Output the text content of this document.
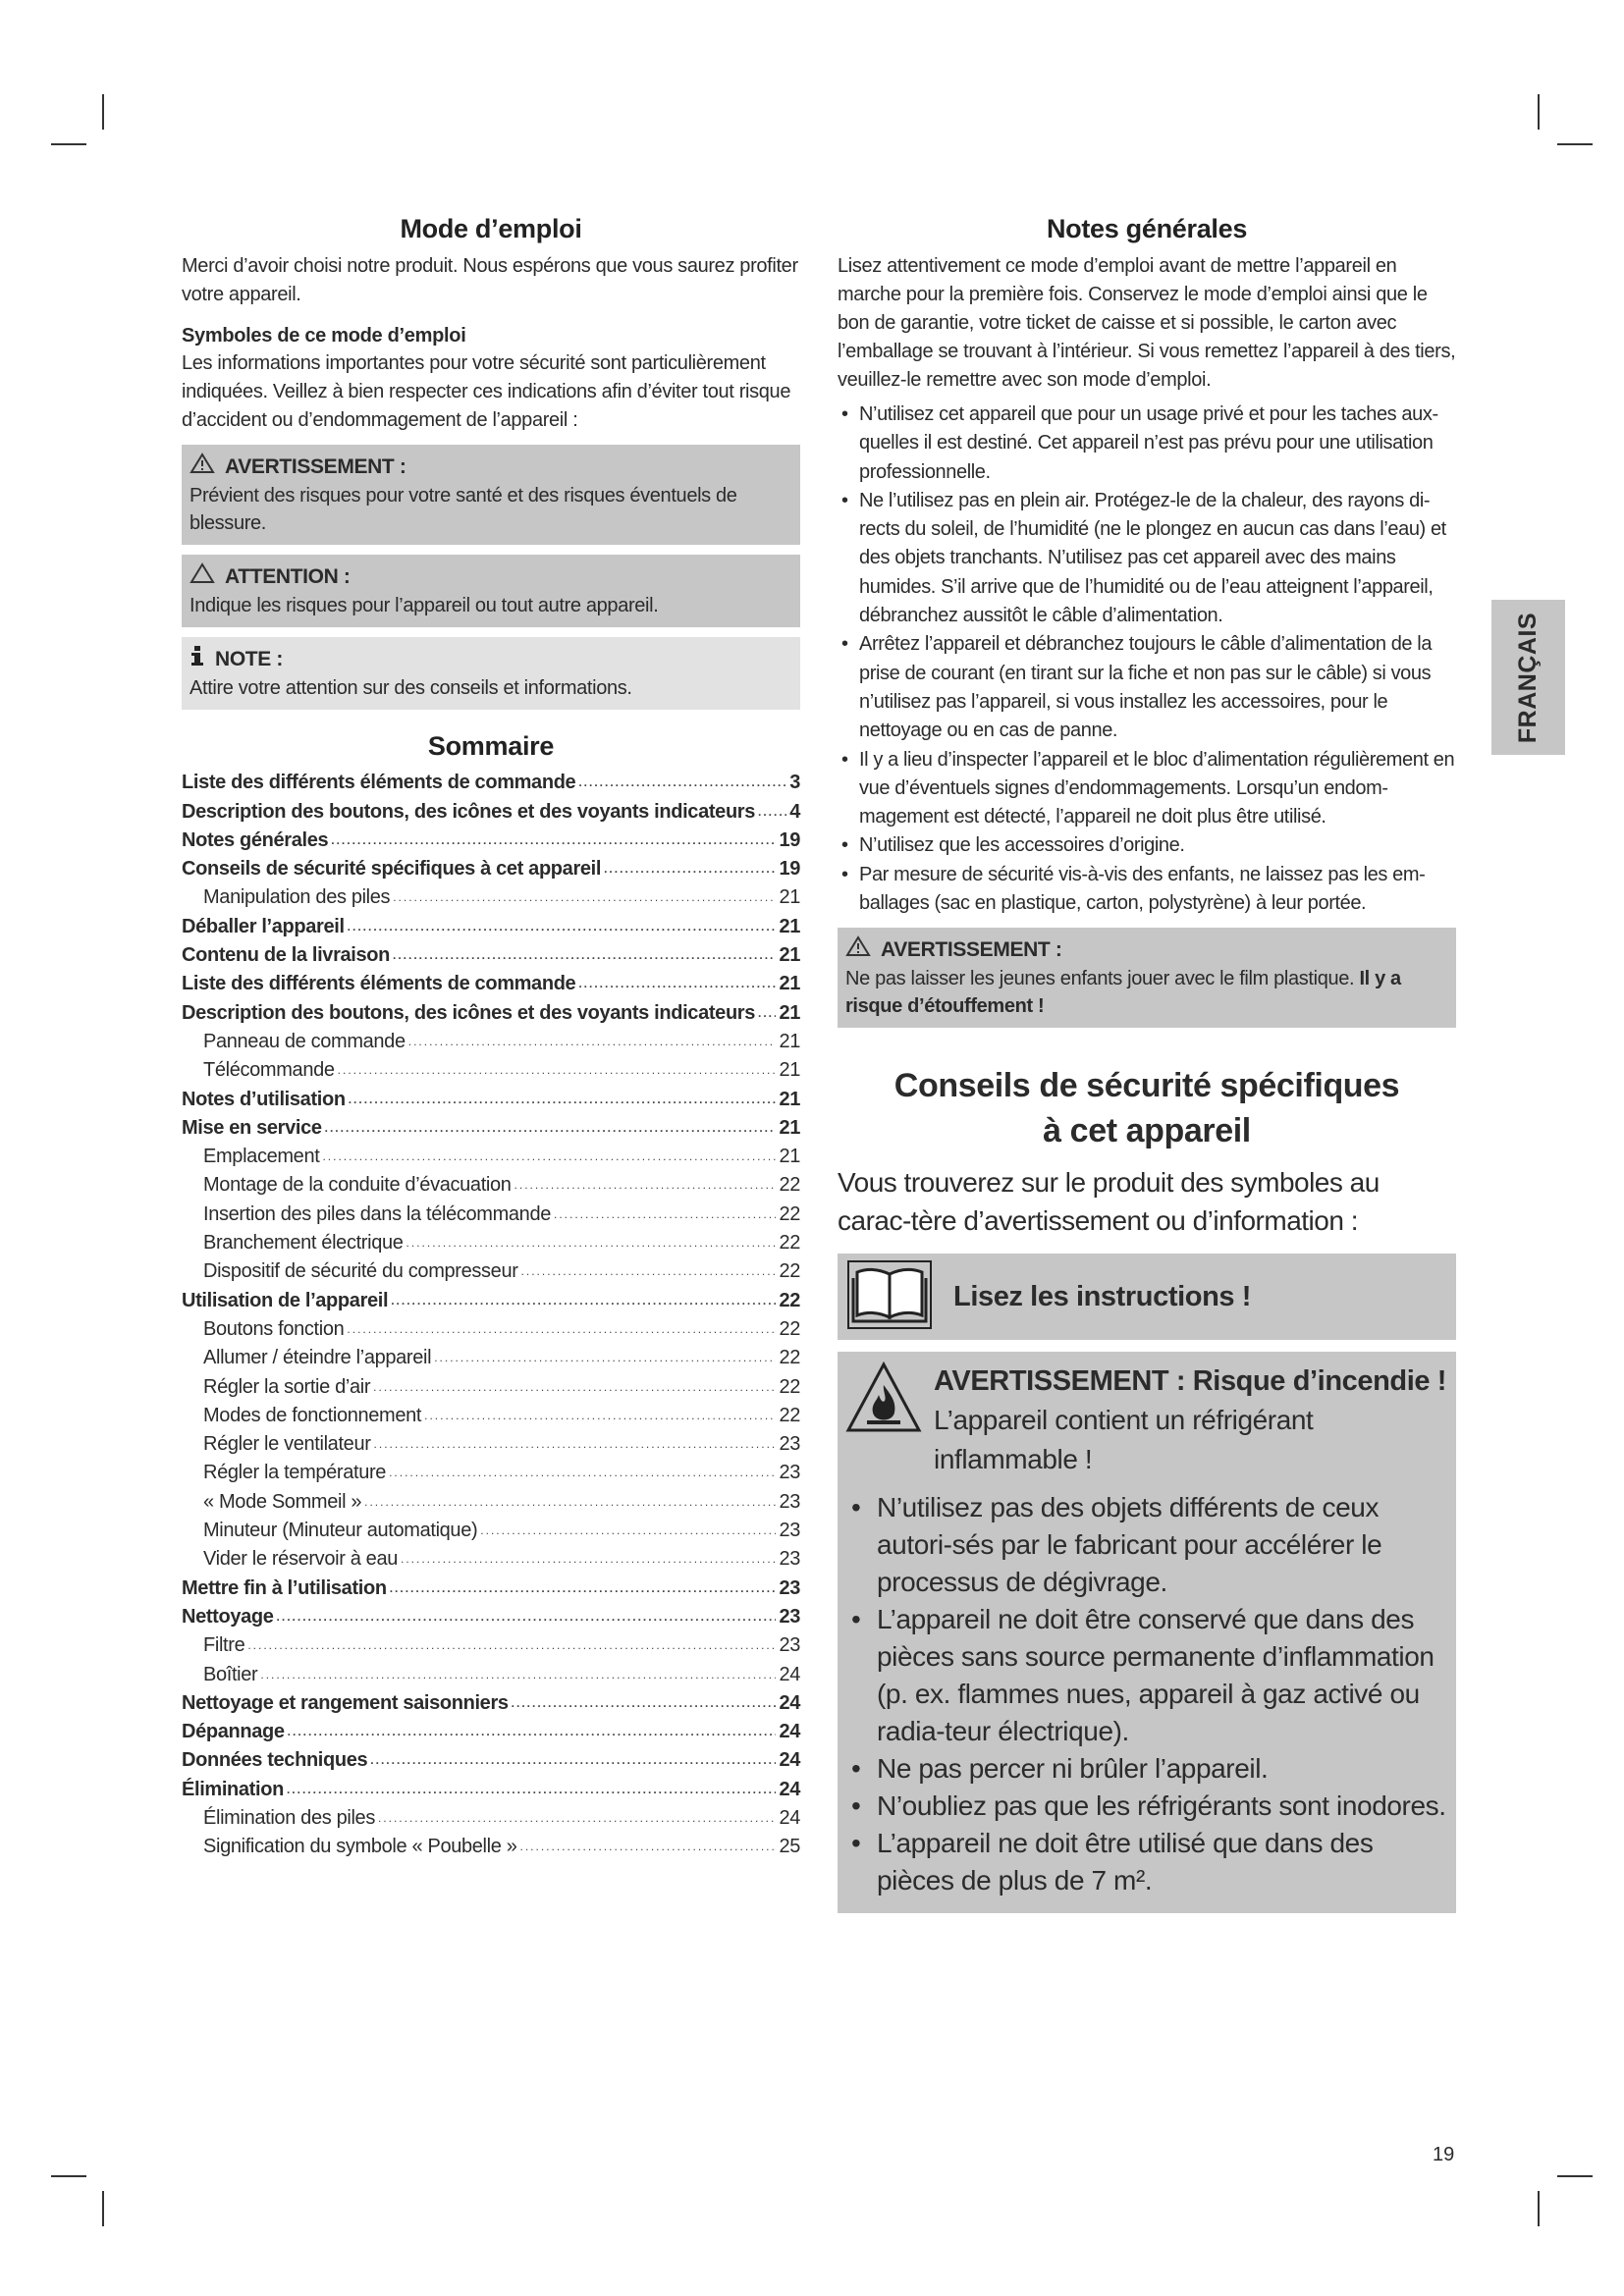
Mode d’emploi

Merci d’avoir choisi notre produit. Nous espérons que vous saurez profiter votre appareil.

Symboles de ce mode d’emploi

Les informations importantes pour votre sécurité sont particulièrement indiquées. Veillez à bien respecter ces indications afin d’éviter tout risque d’accident ou d’endommagement de l’appareil :

AVERTISSEMENT :
Prévient des risques pour votre santé et des risques éventuels de blessure.
ATTENTION :
Indique les risques pour l’appareil ou tout autre appareil.
NOTE :
Attire votre attention sur des conseils et informations.
Sommaire
Liste des différents éléments de commande .....	3
Description des boutons, des icônes et des voyants indicateurs ..... 4
Notes générales .....	19
Conseils de sécurité spécifiques à cet appareil .....	19
Manipulation des piles .....	21
Déballer l’appareil .....	21
Contenu de la livraison .....	21
Liste des différents éléments de commande .....	21
Description des boutons, des icônes et des voyants indicateurs ..... 21
Panneau de commande .....	21
Télécommande .....	21
Notes d’utilisation .....	21
Mise en service .....	21
Emplacement .....	21
Montage de la conduite d’évacuation .....	22
Insertion des piles dans la télécommande .....	22
Branchement électrique .....	22
Dispositif de sécurité du compresseur .....	22
Utilisation de l’appareil .....	22
Boutons fonction .....	22
Allumer / éteindre l’appareil .....	22
Régler la sortie d’air .....	22
Modes de fonctionnement .....	22
Régler le ventilateur .....	23
Régler la température .....	23
« Mode Sommeil » .....	23
Minuteur (Minuteur automatique) .....	23
Vider le réservoir à eau .....	23
Mettre fin à l’utilisation .....	23
Nettoyage .....	23
Filtre .....	23
Boîtier .....	24
Nettoyage et rangement saisonniers .....	24
Dépannage .....	24
Données techniques .....	24
Élimination .....	24
Élimination des piles .....	24
Signification du symbole « Poubelle » .....	25
Notes générales

Lisez attentivement ce mode d’emploi avant de mettre l’appareil en marche pour la première fois. Conservez le mode d’emploi ainsi que le bon de garantie, votre ticket de caisse et si possible, le carton avec l’emballage se trouvant à l’intérieur. Si vous remettez l’appareil à des tiers, veuillez-le remettre avec son mode d’emploi.

• N’utilisez cet appareil que pour un usage privé et pour les taches aux-quelles il est destiné. Cet appareil n’est pas prévu pour une utilisation professionnelle.
• Ne l’utilisez pas en plein air. Protégez-le de la chaleur, des rayons di-rects du soleil, de l’humidité (ne le plongez en aucun cas dans l’eau) et des objets tranchants. N’utilisez pas cet appareil avec des mains humides. S’il arrive que de l’humidité ou de l’eau atteignent l’appareil, débranchez aussitôt le câble d’alimentation.
• Arrêtez l’appareil et débranchez toujours le câble d’alimentation de la prise de courant (en tirant sur la fiche et non pas sur le câble) si vous n’utilisez pas l’appareil, si vous installez les accessoires, pour le nettoyage ou en cas de panne.
• Il y a lieu d’inspecter l’appareil et le bloc d’alimentation régulièrement en vue d’éventuels signes d’endommagements. Lorsqu’un endom-magement est détecté, l’appareil ne doit plus être utilisé.
• N’utilisez que les accessoires d’origine.
• Par mesure de sécurité vis-à-vis des enfants, ne laissez pas les em-ballages (sac en plastique, carton, polystyrène) à leur portée.
AVERTISSEMENT :
Ne pas laisser les jeunes enfants jouer avec le film plastique. Il y a risque d’étouffement !

Conseils de sécurité spécifiques

à cet appareil

Vous trouverez sur le produit des symboles au carac-tère d’avertissement ou d’information :

Lisez les instructions !
AVERTISSEMENT : Risque d’incendie !
L’appareil contient un réfrigérant inflammable !
• N’utilisez pas des objets différents de ceux autori-sés par le fabricant pour accélérer le processus de dégivrage.
• L’appareil ne doit être conservé que dans des pièces sans source permanente d’inflammation (p. ex. flammes nues, appareil à gaz activé ou radia-teur électrique).
• Ne pas percer ni brûler l’appareil.
• N’oubliez pas que les réfrigérants sont inodores.
• L’appareil ne doit être utilisé que dans des pièces de plus de 7 m².
FRANÇAIS
19
